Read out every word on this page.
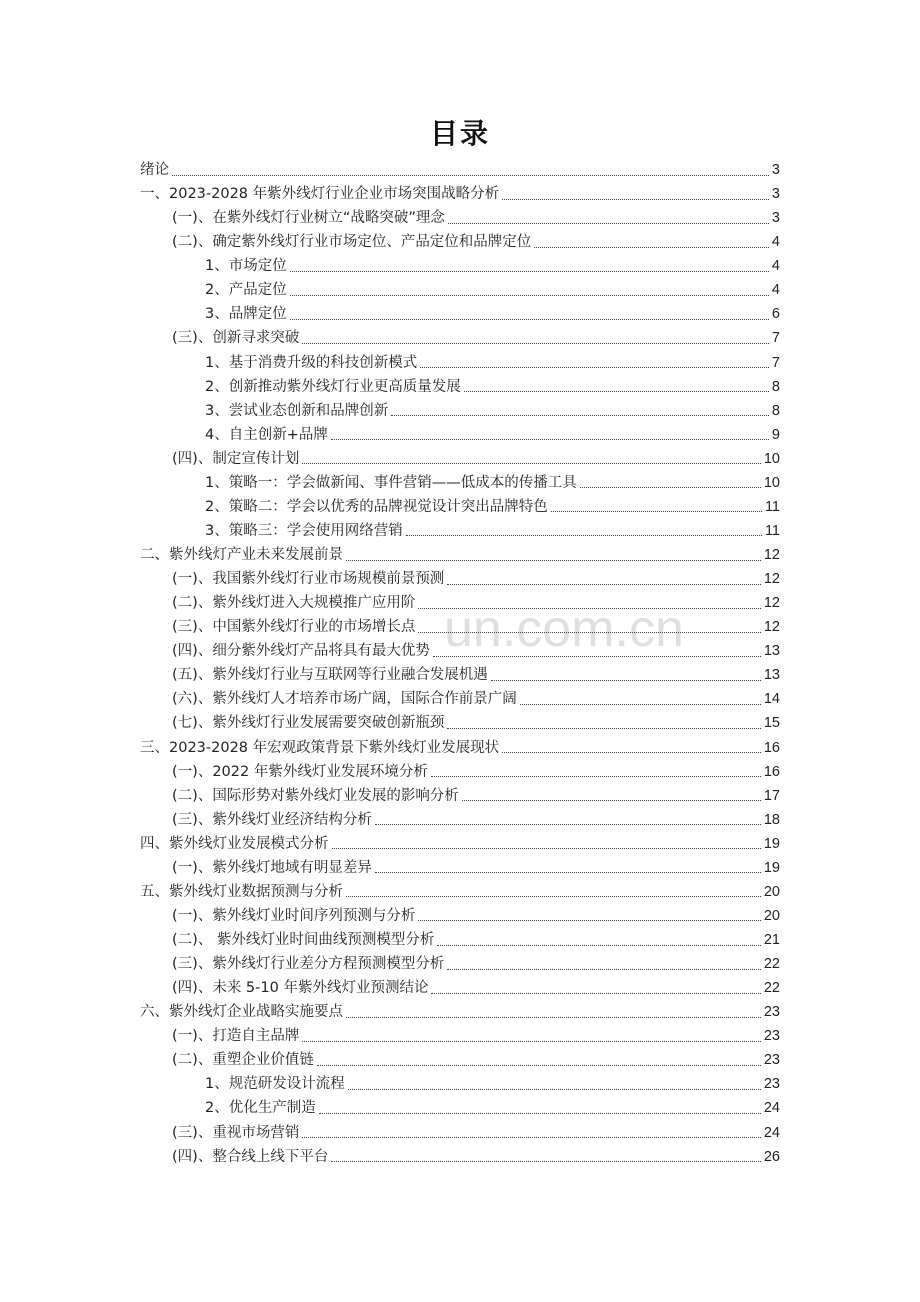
un.com.cn
目录
绪论	3
一、2023-2028 年紫外线灯行业企业市场突围战略分析	3
(一)、在紫外线灯行业树立“战略突破”理念	3
(二)、确定紫外线灯行业市场定位、产品定位和品牌定位	4
1、市场定位	4
2、产品定位	4
3、品牌定位	6
(三)、创新寻求突破	7
1、基于消费升级的科技创新模式	7
2、创新推动紫外线灯行业更高质量发展	8
3、尝试业态创新和品牌创新	8
4、自主创新+品牌	9
(四)、制定宣传计划	10
1、策略一：学会做新闻、事件营销——低成本的传播工具	10
2、策略二：学会以优秀的品牌视觉设计突出品牌特色	11
3、策略三：学会使用网络营销	11
二、紫外线灯产业未来发展前景	12
(一)、我国紫外线灯行业市场规模前景预测	12
(二)、紫外线灯进入大规模推广应用阶	12
(三)、中国紫外线灯行业的市场增长点	12
(四)、细分紫外线灯产品将具有最大优势	13
(五)、紫外线灯行业与互联网等行业融合发展机遇	13
(六)、紫外线灯人才培养市场广阔，国际合作前景广阔	14
(七)、紫外线灯行业发展需要突破创新瓶颈	15
三、2023-2028 年宏观政策背景下紫外线灯业发展现状	16
(一)、2022 年紫外线灯业发展环境分析	16
(二)、国际形势对紫外线灯业发展的影响分析	17
(三)、紫外线灯业经济结构分析	18
四、紫外线灯业发展模式分析	19
(一)、紫外线灯地域有明显差异	19
五、紫外线灯业数据预测与分析	20
(一)、紫外线灯业时间序列预测与分析	20
(二)、 紫外线灯业时间曲线预测模型分析	21
(三)、紫外线灯行业差分方程预测模型分析	22
(四)、未来 5-10 年紫外线灯业预测结论	22
六、紫外线灯企业战略实施要点	23
(一)、打造自主品牌	23
(二)、重塑企业价值链	23
1、规范研发设计流程	23
2、优化生产制造	24
(三)、重视市场营销	24
(四)、整合线上线下平台	26
